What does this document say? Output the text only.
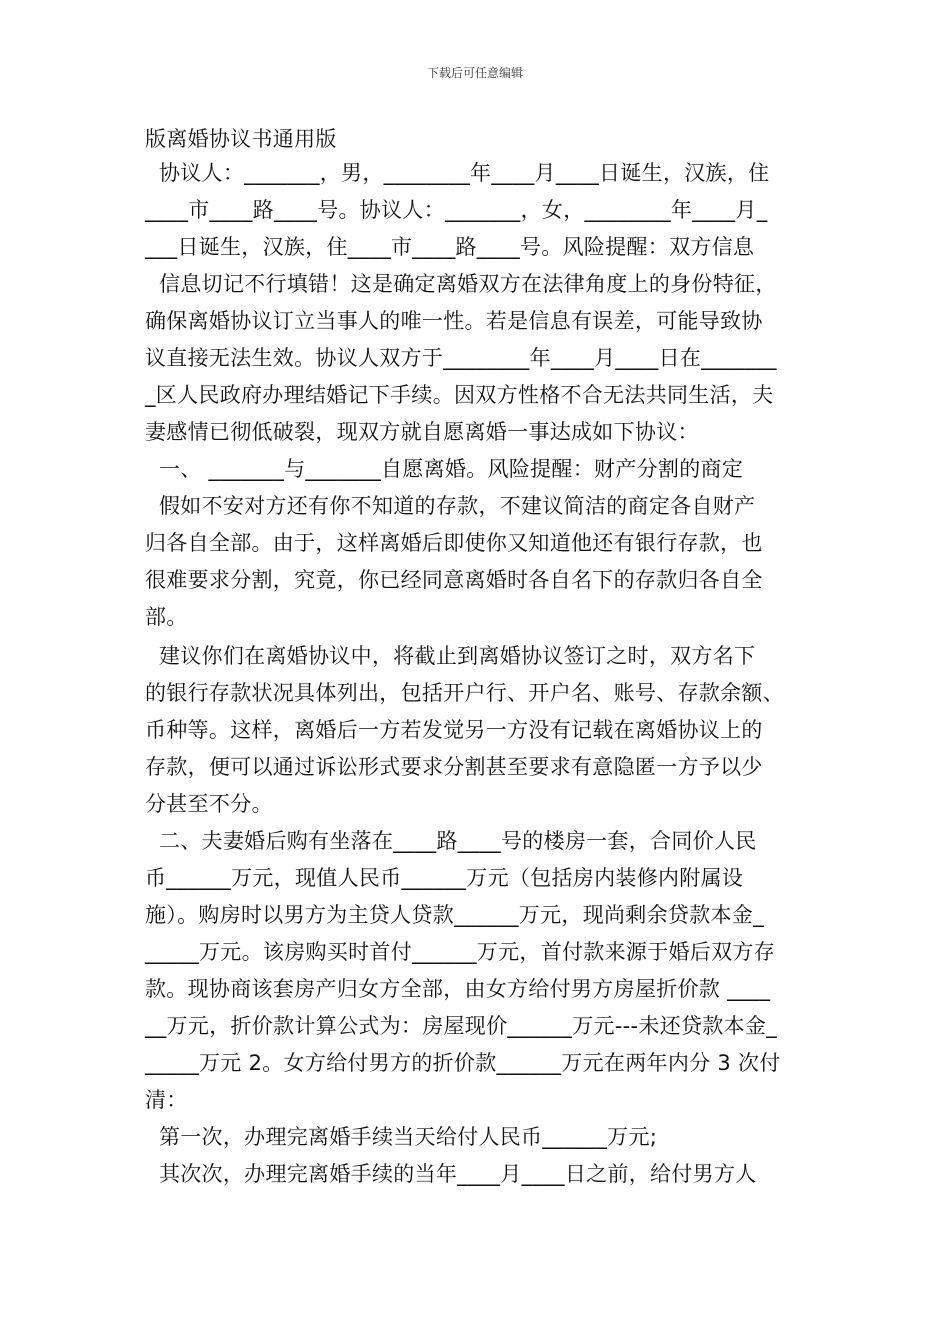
下载后可任意编辑
版离婚协议书通用版
协议人：_______，男，________年____月____日诞生，汉族，住
____市____路____号。协议人：_______，女，________年____月_
___日诞生，汉族，住____市____路____号。风险提醒：双方信息
信息切记不行填错！这是确定离婚双方在法律角度上的身份特征，
确保离婚协议订立当事人的唯一性。若是信息有误差，可能导致协
议直接无法生效。协议人双方于________年____月____日在_______
_区人民政府办理结婚记下手续。因双方性格不合无法共同生活，夫
妻感情已彻低破裂，现双方就自愿离婚一事达成如下协议：
一、 _______与_______自愿离婚。风险提醒：财产分割的商定
假如不安对方还有你不知道的存款，不建议简洁的商定各自财产
归各自全部。由于，这样离婚后即使你又知道他还有银行存款，也
很难要求分割，究竟，你已经同意离婚时各自名下的存款归各自全
部。
建议你们在离婚协议中，将截止到离婚协议签订之时，双方名下
的银行存款状况具体列出，包括开户行、开户名、账号、存款余额、
币种等。这样，离婚后一方若发觉另一方没有记载在离婚协议上的
存款，便可以通过诉讼形式要求分割甚至要求有意隐匿一方予以少
分甚至不分。
二、夫妻婚后购有坐落在____路____号的楼房一套，合同价人民
币______万元，现值人民币______万元（包括房内装修内附属设
施）。购房时以男方为主贷人贷款______万元，现尚剩余贷款本金_
_____万元。该房购买时首付______万元，首付款来源于婚后双方存
款。现协商该套房产归女方全部，由女方给付男方房屋折价款 ____
__万元，折价款计算公式为：房屋现价______万元---未还贷款本金_
_____万元 2。女方给付男方的折价款______万元在两年内分 3 次付
清：
第一次，办理完离婚手续当天给付人民币______万元;
其次次，办理完离婚手续的当年____月____日之前，给付男方人
